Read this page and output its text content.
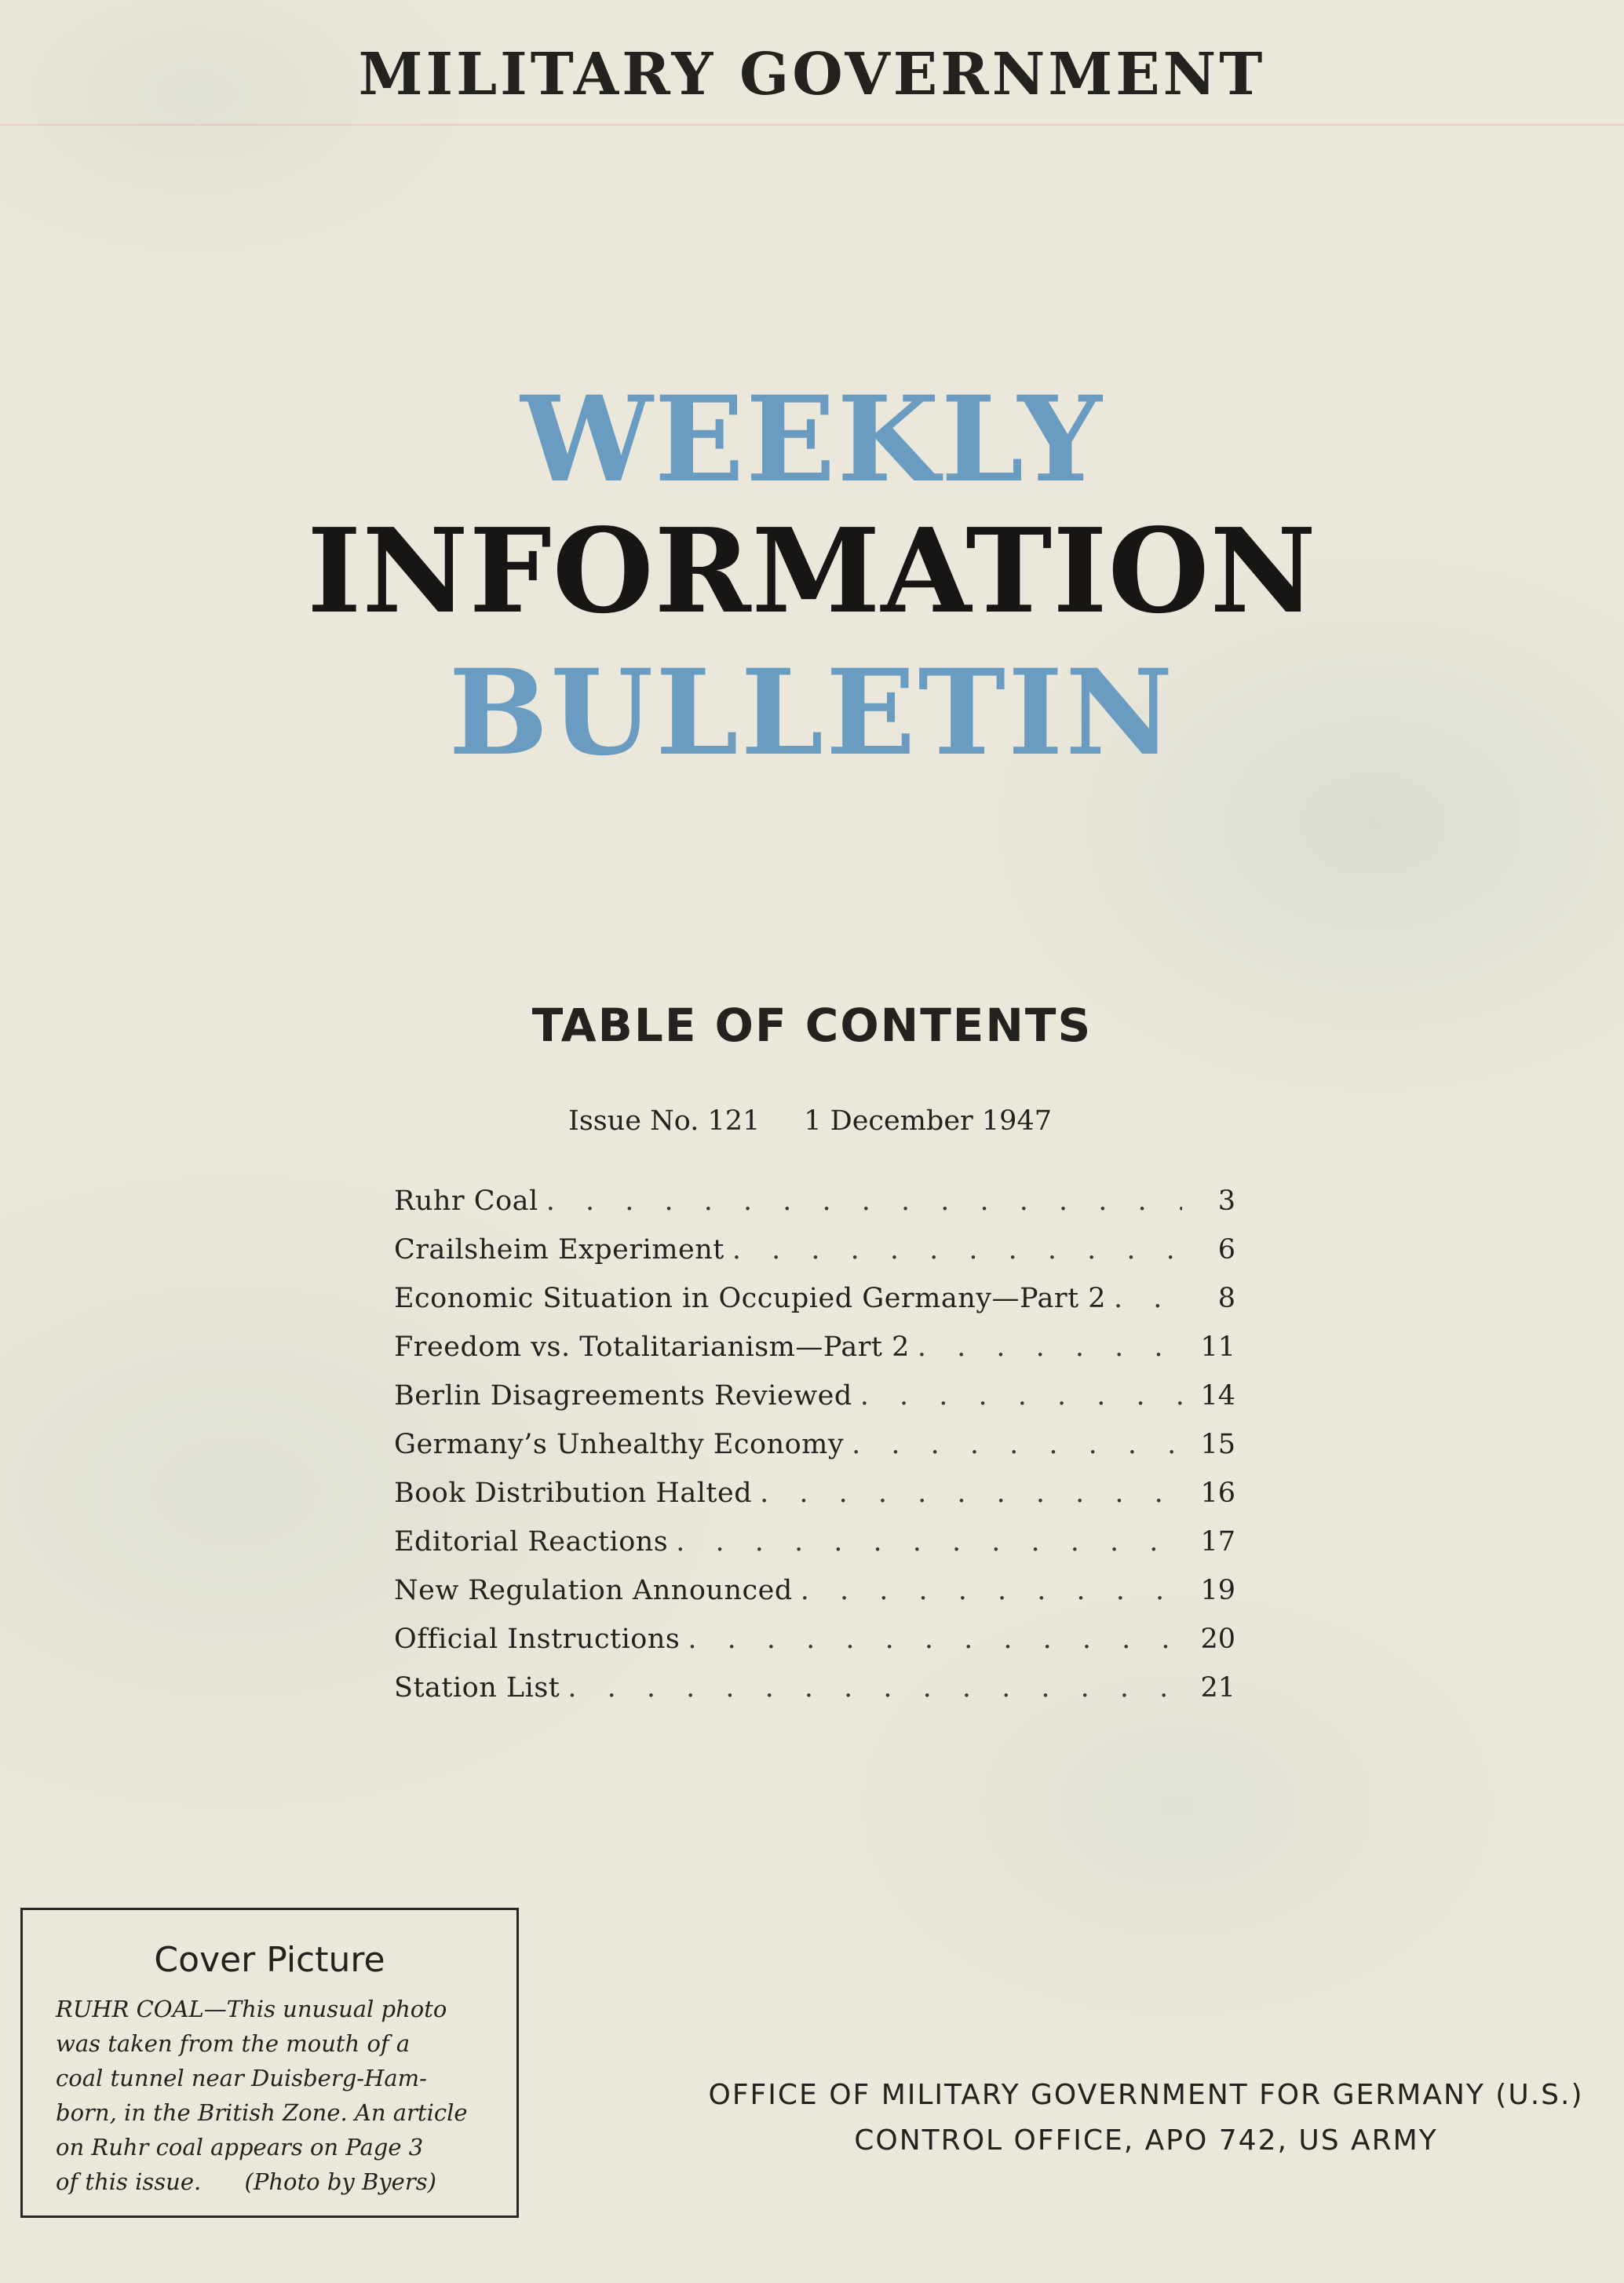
MILITARY GOVERNMENT
WEEKLY
INFORMATION
BULLETIN
TABLE OF CONTENTS
Issue No. 121 1 December 1947
Ruhr Coal . . .	3
Crailsheim Experiment . . .	6
Economic Situation in Occupied Germany—Part 2 . . .	8
Freedom vs. Totalitarianism—Part 2 . . .	11
Berlin Disagreements Reviewed . . .	14
Germany’s Unhealthy Economy . . .	15
Book Distribution Halted . . .	16
Editorial Reactions . . .	17
New Regulation Announced . . .	19
Official Instructions . . .	20
Station List . . .	21
Cover Picture
RUHR COAL—This unusual photo
was taken from the mouth of a
coal tunnel near Duisberg-Ham-
born, in the British Zone. An article
on Ruhr coal appears on Page 3
of this issue.      (Photo by Byers)
OFFICE OF MILITARY GOVERNMENT FOR GERMANY (U.S.)
CONTROL OFFICE, APO 742, US ARMY
